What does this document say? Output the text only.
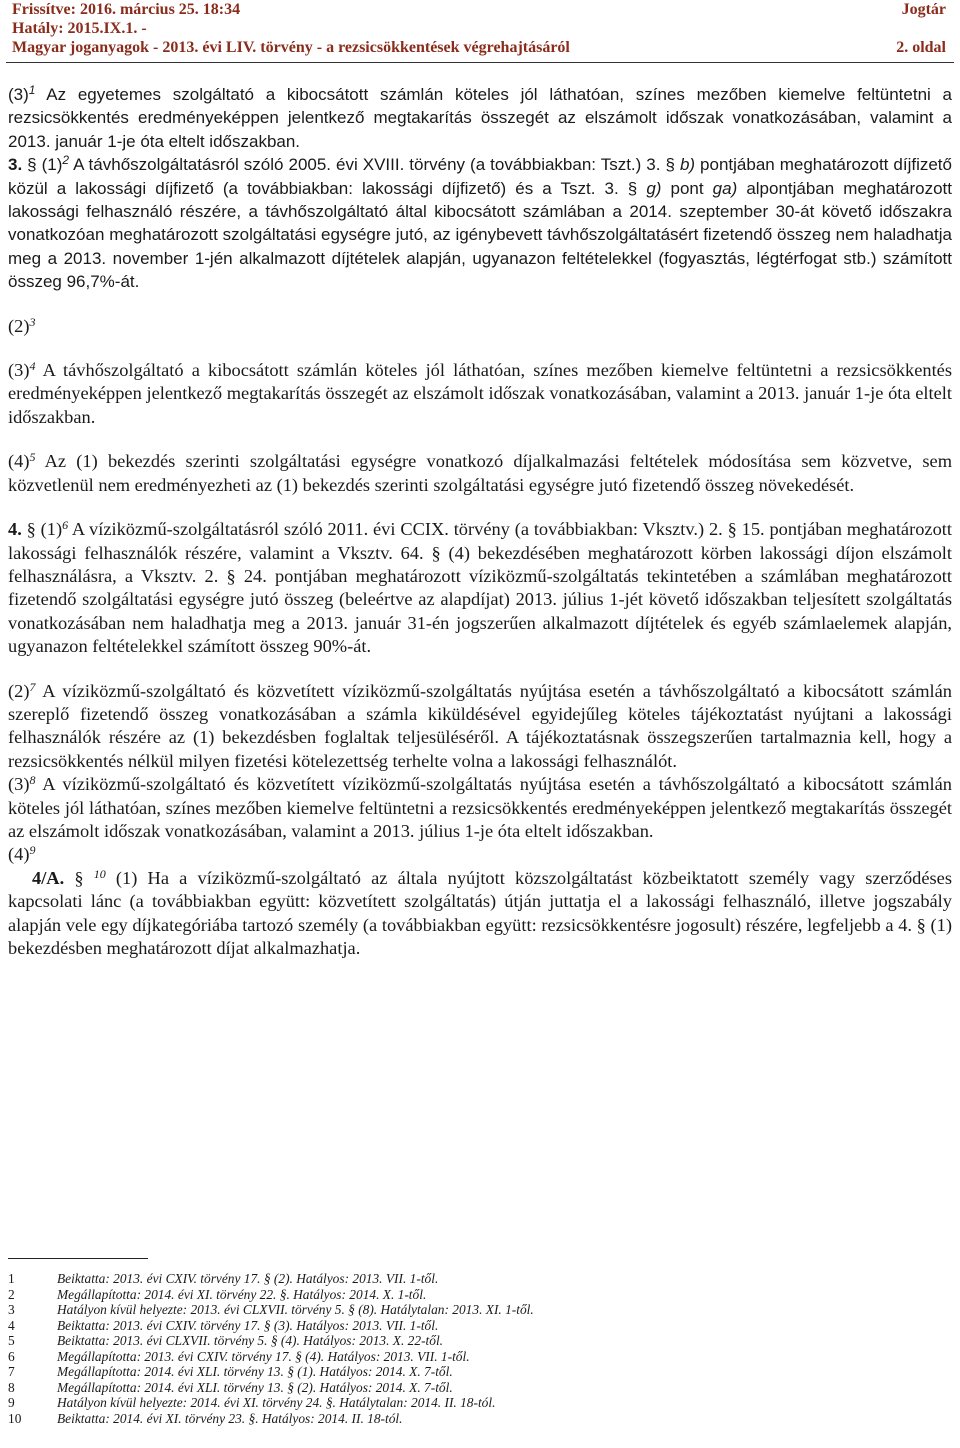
Frissítve: 2016. március 25. 18:34
Hatály: 2015.IX.1. -
Magyar joganyagok - 2013. évi LIV. törvény - a rezsicsökkentések végrehajtásáról
Jogtár
2. oldal

$(3)^1$ Az egyetemes szolgáltató a kibocsátott számlán köteles jól láthatóan, színes mezőben kiemelve feltüntetni a rezsicsökkentés eredményeképpen jelentkező megtakarítás összegét az elszámolt időszak vonatkozásában, valamint a 2013. január 1-je óta eltelt időszakban.

3. § $(1)^2$ A távhőszolgáltatásról szóló 2005. évi XVIII. törvény (a továbbiakban: Tszt.) 3. § b) pontjában meghatározott díjfizető közül a lakossági díjfizető (a továbbiakban: lakossági díjfizető) és a Tszt. 3. § g) pont ga) alpontjában meghatározott lakossági felhasználó részére, a távhőszolgáltató által kibocsátott számlában a 2014. szeptember 30-át követő időszakra vonatkozóan meghatározott szolgáltatási egységre jutó, az igénybevett távhőszolgáltatásért fizetendő összeg nem haladhatja meg a 2013. november 1-jén alkalmazott díjtételek alapján, ugyanazon feltételekkel (fogyasztás, légtérfogat stb.) számított összeg 96,7%-át.

$(2)^3$

$(3)^4$ A távhőszolgáltató a kibocsátott számlán köteles jól láthatóan, színes mezőben kiemelve feltüntetni a rezsicsökkentés eredményeképpen jelentkező megtakarítás összegét az elszámolt időszak vonatkozásában, valamint a 2013. január 1-je óta eltelt időszakban.

$(4)^5$ Az (1) bekezdés szerinti szolgáltatási egységre vonatkozó díjalkalmazási feltételek módosítása sem közvetve, sem közvetlenül nem eredményezheti az (1) bekezdés szerinti szolgáltatási egységre jutó fizetendő összeg növekedését.

4. § $(1)^6$ A víziközmű-szolgáltatásról szóló 2011. évi CCIX. törvény (a továbbiakban: Vksztv.) 2. § 15. pontjában meghatározott lakossági felhasználók részére, valamint a Vksztv. 64. § (4) bekezdésében meghatározott körben lakossági díjon elszámolt felhasználásra, a Vksztv. 2. § 24. pontjában meghatározott víziközmű-szolgáltatás tekintetében a számlában meghatározott fizetendő szolgáltatási egységre jutó összeg (beleértve az alapdíjat) 2013. július 1-jét követő időszakban teljesített szolgáltatás vonatkozásában nem haladhatja meg a 2013. január 31-én jogszerűen alkalmazott díjtételek és egyéb számlaelemek alapján, ugyanazon feltételekkel számított összeg 90%-át.

$(2)^7$ A víziközmű-szolgáltató és közvetített víziközmű-szolgáltatás nyújtása esetén a távhőszolgáltató a kibocsátott számlán szereplő fizetendő összeg vonatkozásában a számla kiküldésével egyidejűleg köteles tájékoztatást nyújtani a lakossági felhasználók részére az (1) bekezdésben foglaltak teljesüléséről. A tájékoztatásnak összegszerűen tartalmaznia kell, hogy a rezsicsökkentés nélkül milyen fizetési kötelezettség terhelte volna a lakossági felhasználót.

$(3)^8$ A víziközmű-szolgáltató és közvetített víziközmű-szolgáltatás nyújtása esetén a távhőszolgáltató a kibocsátott számlán köteles jól láthatóan, színes mezőben kiemelve feltüntetni a rezsicsökkentés eredményeképpen jelentkező megtakarítás összegét az elszámolt időszak vonatkozásában, valamint a 2013. július 1-je óta eltelt időszakban.

$(4)^9$

4/A. § $^{10}$ (1) Ha a víziközmű-szolgáltató az általa nyújtott közszolgáltatást közbeiktatott személy vagy szerződéses kapcsolati lánc (a továbbiakban együtt: közvetített szolgáltatás) útján juttatja el a lakossági felhasználó, illetve jogszabály alapján vele egy díjkategóriába tartozó személy (a továbbiakban együtt: rezsicsökkentésre jogosult) részére, legfeljebb a 4. § (1) bekezdésben meghatározott díjat alkalmazhatja.

1	Beiktatta: 2013. évi CXIV. törvény 17. § (2). Hatályos: 2013. VII. 1-től.
2	Megállapította: 2014. évi XI. törvény 22. §. Hatályos: 2014. X. 1-től.
3	Hatályon kívül helyezte: 2013. évi CLXVII. törvény 5. § (8). Hatálytalan: 2013. XI. 1-től.
4	Beiktatta: 2013. évi CXIV. törvény 17. § (3). Hatályos: 2013. VII. 1-től.
5	Beiktatta: 2013. évi CLXVII. törvény 5. § (4). Hatályos: 2013. X. 22-től.
6	Megállapította: 2013. évi CXIV. törvény 17. § (4). Hatályos: 2013. VII. 1-től.
7	Megállapította: 2014. évi XLI. törvény 13. § (1). Hatályos: 2014. X. 7-től.
8	Megállapította: 2014. évi XLI. törvény 13. § (2). Hatályos: 2014. X. 7-től.
9	Hatályon kívül helyezte: 2014. évi XI. törvény 24. §. Hatálytalan: 2014. II. 18-tól.
10	Beiktatta: 2014. évi XI. törvény 23. §. Hatályos: 2014. II. 18-tól.
